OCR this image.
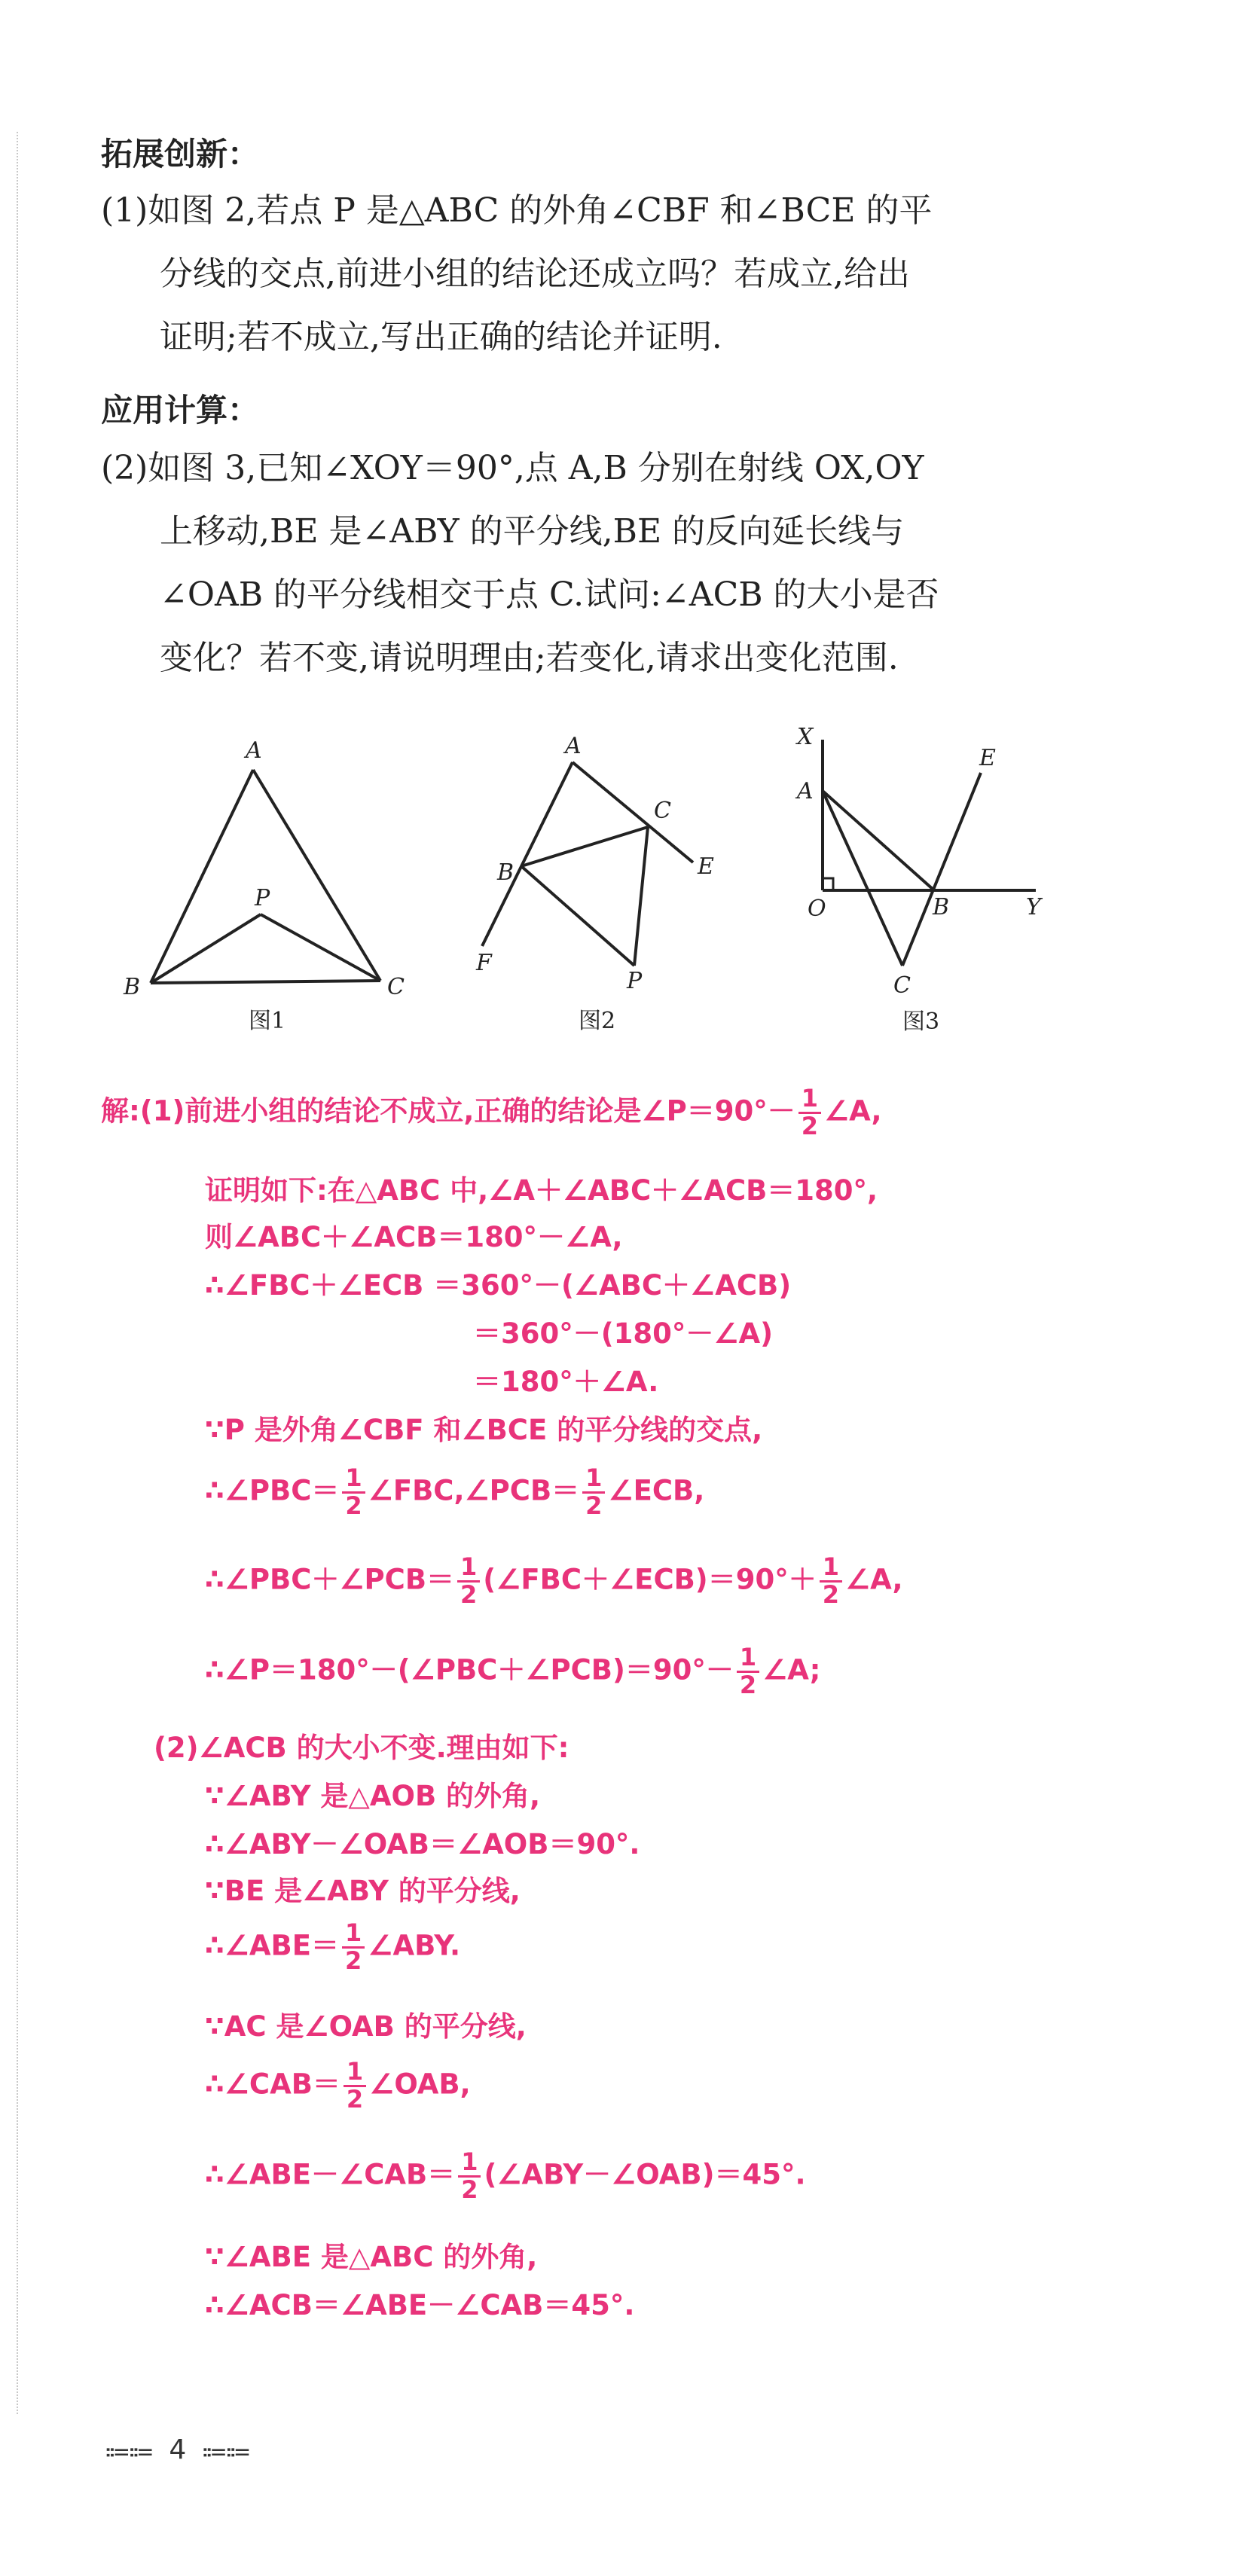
拓展创新：
(1)如图 2,若点 P 是△ABC 的外角∠CBF 和∠BCE 的平
分线的交点,前进小组的结论还成立吗？若成立,给出
证明;若不成立,写出正确的结论并证明.
应用计算：
(2)如图 3,已知∠XOY＝90°,点 A,B 分别在射线 OX,OY
上移动,BE 是∠ABY 的平分线,BE 的反向延长线与
∠OAB 的平分线相交于点 C.试问:∠ACB 的大小是否
变化？若不变,请说明理由;若变化,请求出变化范围.
A
B	C
P
图1
A
B
C
E
F
P
图2
X
A
E
O	B	Y
C
图3
解:(1)前进小组的结论不成立,正确的结论是∠P＝90°－ $\frac{1}{2}$ ∠A,
证明如下:在△ABC 中,∠A＋∠ABC＋∠ACB＝180°,
则∠ABC＋∠ACB＝180°－∠A,
∴∠FBC＋∠ECB ＝360°－(∠ABC＋∠ACB)
＝360°－(180°－∠A)
＝180°＋∠A.
∵P 是外角∠CBF 和∠BCE 的平分线的交点,
∴∠PBC＝ $\frac{1}{2}$ ∠FBC,∠PCB＝ $\frac{1}{2}$ ∠ECB,
∴∠PBC＋∠PCB＝ $\frac{1}{2}$ (∠FBC＋∠ECB)＝90°＋ $\frac{1}{2}$ ∠A,
∴∠P＝180°－(∠PBC＋∠PCB)＝90°－ $\frac{1}{2}$ ∠A;
(2)∠ACB 的大小不变.理由如下:
∵∠ABY 是△AOB 的外角,
∴∠ABY－∠OAB＝∠AOB＝90°.
∵BE 是∠ABY 的平分线,
∴∠ABE＝ $\frac{1}{2}$ ∠ABY.
∵AC 是∠OAB 的平分线,
∴∠CAB＝ $\frac{1}{2}$ ∠OAB,
∴∠ABE－∠CAB＝ $\frac{1}{2}$ (∠ABY－∠OAB)＝45°.
∵∠ABE 是△ABC 的外角,
∴∠ACB＝∠ABE－∠CAB＝45°.
⩴⩴ 4 ⩴⩴
